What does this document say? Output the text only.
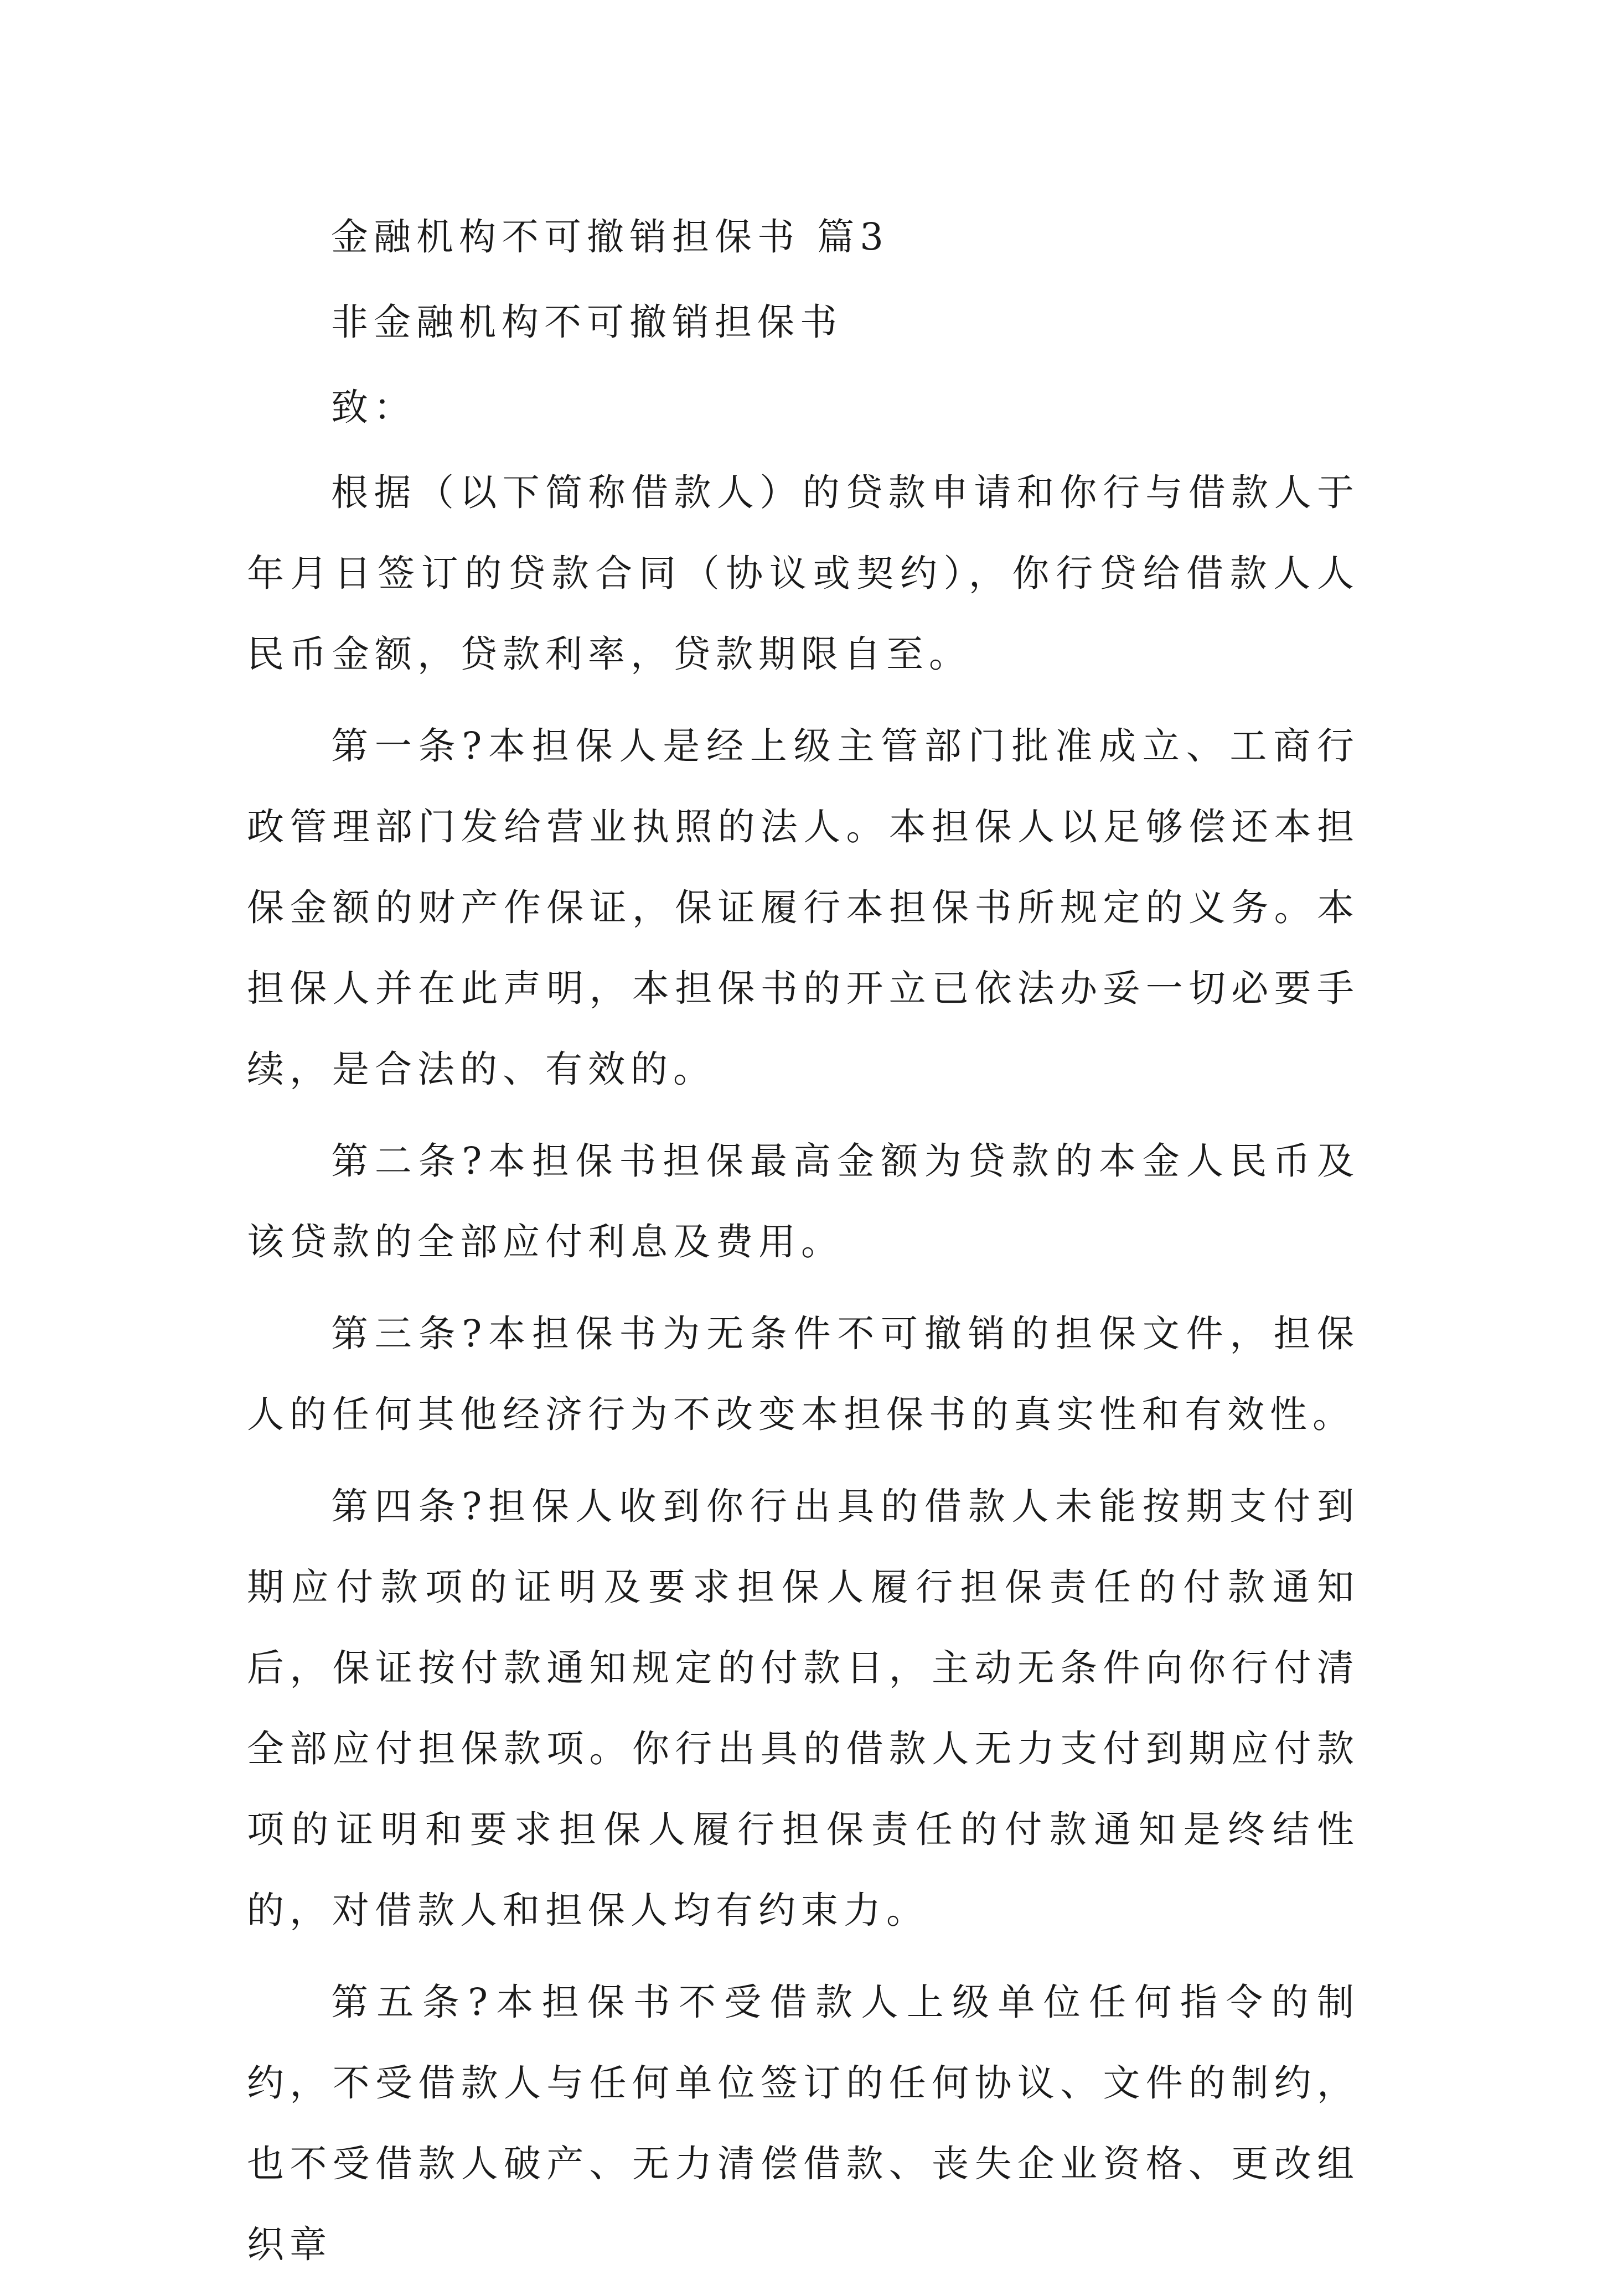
金融机构不可撤销担保书 篇3

非金融机构不可撤销担保书

致：

根据（以下简称借款人）的贷款申请和你行与借款人于年月日签订的贷款合同（协议或契约），你行贷给借款人人民币金额，贷款利率，贷款期限自至。

第一条?本担保人是经上级主管部门批准成立、工商行政管理部门发给营业执照的法人。本担保人以足够偿还本担保金额的财产作保证，保证履行本担保书所规定的义务。本担保人并在此声明，本担保书的开立已依法办妥一切必要手续，是合法的、有效的。

第二条?本担保书担保最高金额为贷款的本金人民币及该贷款的全部应付利息及费用。

第三条?本担保书为无条件不可撤销的担保文件，担保人的任何其他经济行为不改变本担保书的真实性和有效性。

第四条?担保人收到你行出具的借款人未能按期支付到期应付款项的证明及要求担保人履行担保责任的付款通知后，保证按付款通知规定的付款日，主动无条件向你行付清全部应付担保款项。你行出具的借款人无力支付到期应付款项的证明和要求担保人履行担保责任的付款通知是终结性的，对借款人和担保人均有约束力。

第五条?本担保书不受借款人上级单位任何指令的制约，不受借款人与任何单位签订的任何协议、文件的制约，也不受借款人破产、无力清偿借款、丧失企业资格、更改组织章
